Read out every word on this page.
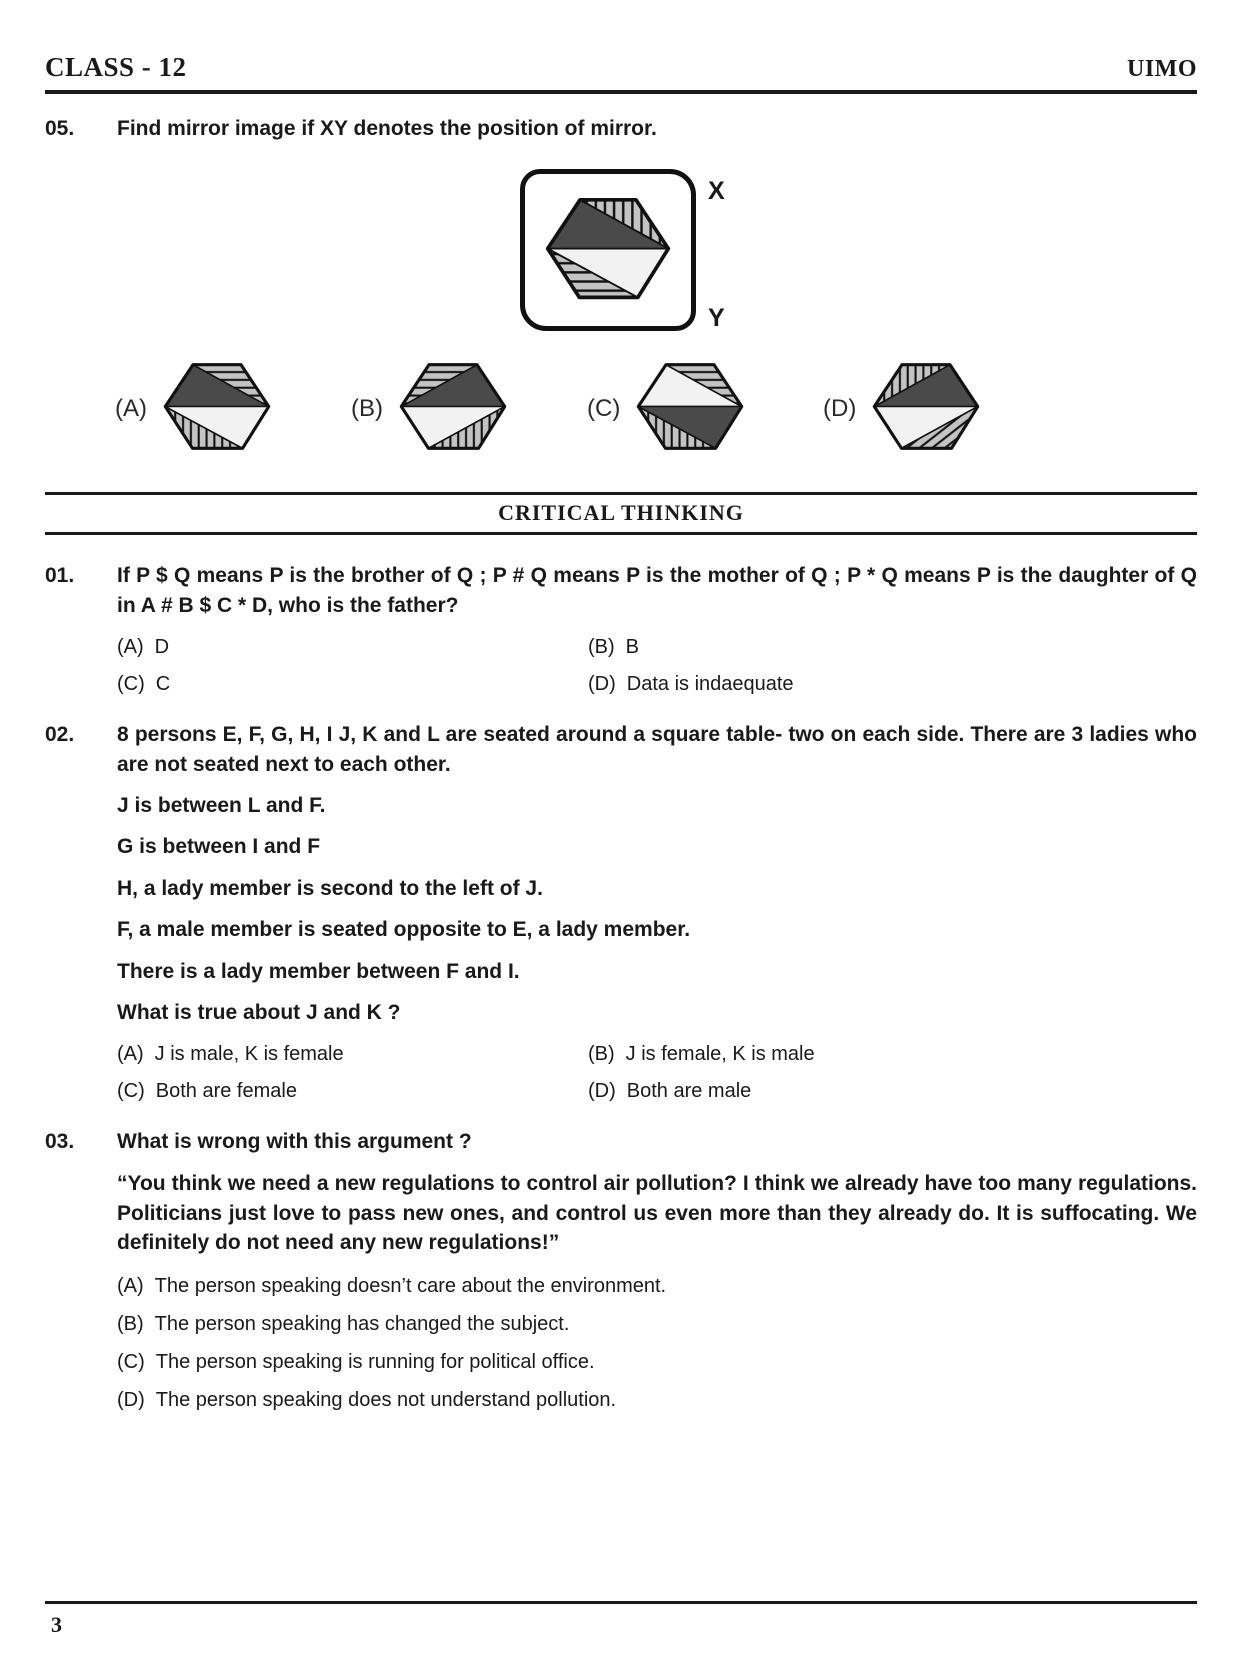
CLASS - 12	UIMO
05.	Find mirror image if XY denotes the position of mirror.
X
Y
(A)	(B)	(C)	(D)
CRITICAL THINKING
01.	If P $ Q means P is the brother of Q ; P # Q means P is the mother of Q ; P * Q means P is the daughter of Q in A # B $ C * D, who is the father?
(A) D	(B) B
(C) C	(D) Data is indaequate
02.	8 persons E, F, G, H, I J, K and L are seated around a square table- two on each side. There are 3 ladies who are not seated next to each other.
J is between L and F.
G is between I and F
H, a lady member is second to the left of J.
F, a male member is seated opposite to E, a lady member.
There is a lady member between F and I.
What is true about J and K ?
(A) J is male, K is female	(B) J is female, K is male
(C) Both are female	(D) Both are male
03.	What is wrong with this argument ?
“You think we need a new regulations to control air pollution? I think we already have too many regulations. Politicians just love to pass new ones, and control us even more than they already do. It is suffocating. We definitely do not need any new regulations!”
(A) The person speaking doesn’t care about the environment.
(B) The person speaking has changed the subject.
(C) The person speaking is running for political office.
(D) The person speaking does not understand pollution.
3
